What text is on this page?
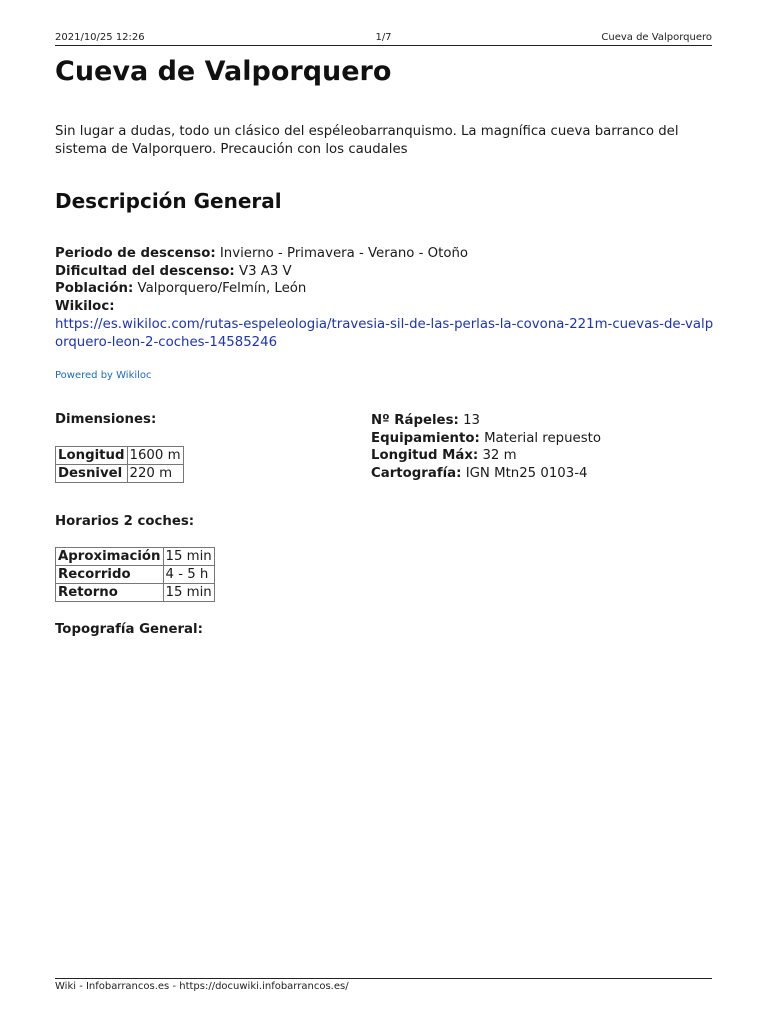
2021/10/25 12:26	1/7	Cueva de Valporquero
Cueva de Valporquero

Sin lugar a dudas, todo un clásico del espéleobarranquismo. La magnífica cueva barranco del sistema de Valporquero. Precaución con los caudales

Descripción General
Periodo de descenso: Invierno - Primavera - Verano - Otoño
Dificultad del descenso: V3 A3 V
Población: Valporquero/Felmín, León
Wikiloc:
https://es.wikiloc.com/rutas-espeleologia/travesia-sil-de-las-perlas-la-covona-221m-cuevas-de-valporquero-leon-2-coches-14585246
Powered by Wikiloc
Dimensiones:
Longitud	1600 m
Desnivel	220 m
Nº Rápeles: 13
Equipamiento: Material repuesto
Longitud Máx: 32 m
Cartografía: IGN Mtn25 0103-4
Horarios 2 coches:
Aproximación	15 min
Recorrido	4 - 5 h
Retorno	15 min
Topografía General:
Wiki - Infobarrancos.es - https://docuwiki.infobarrancos.es/
